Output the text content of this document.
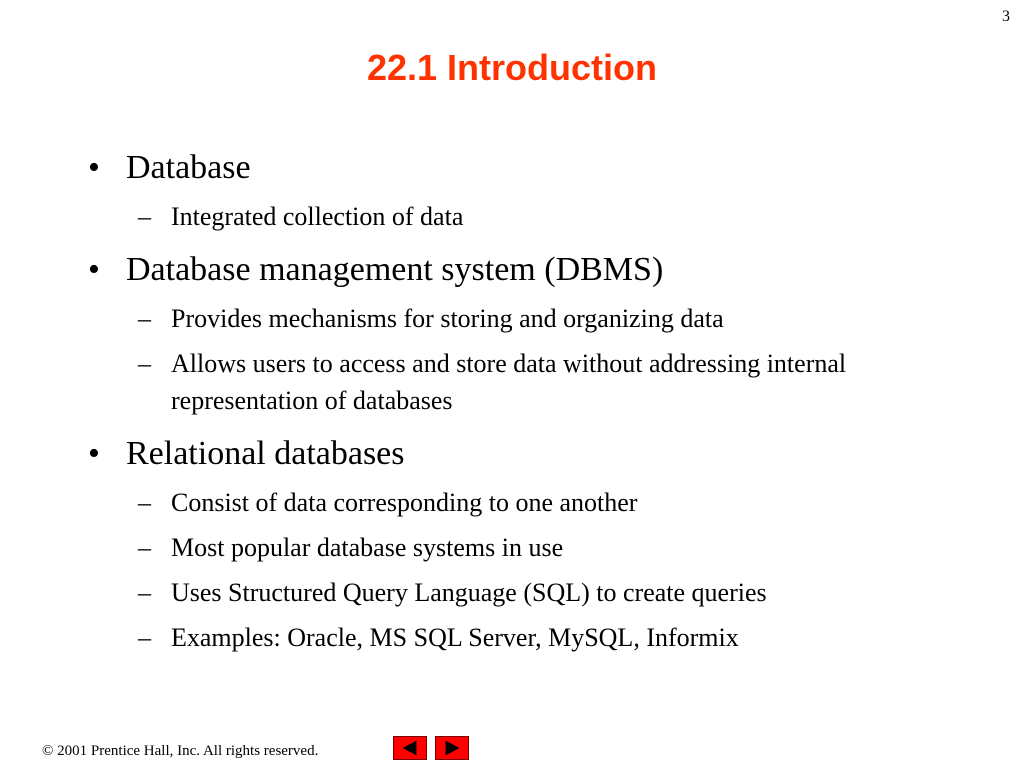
3
22.1 Introduction
• Database
– Integrated collection of data
• Database management system (DBMS)
– Provides mechanisms for storing and organizing data
– Allows users to access and store data without addressing internal representation of databases
• Relational databases
– Consist of data corresponding to one another
– Most popular database systems in use
– Uses Structured Query Language (SQL) to create queries
– Examples: Oracle, MS SQL Server, MySQL, Informix
© 2001 Prentice Hall, Inc. All rights reserved.
